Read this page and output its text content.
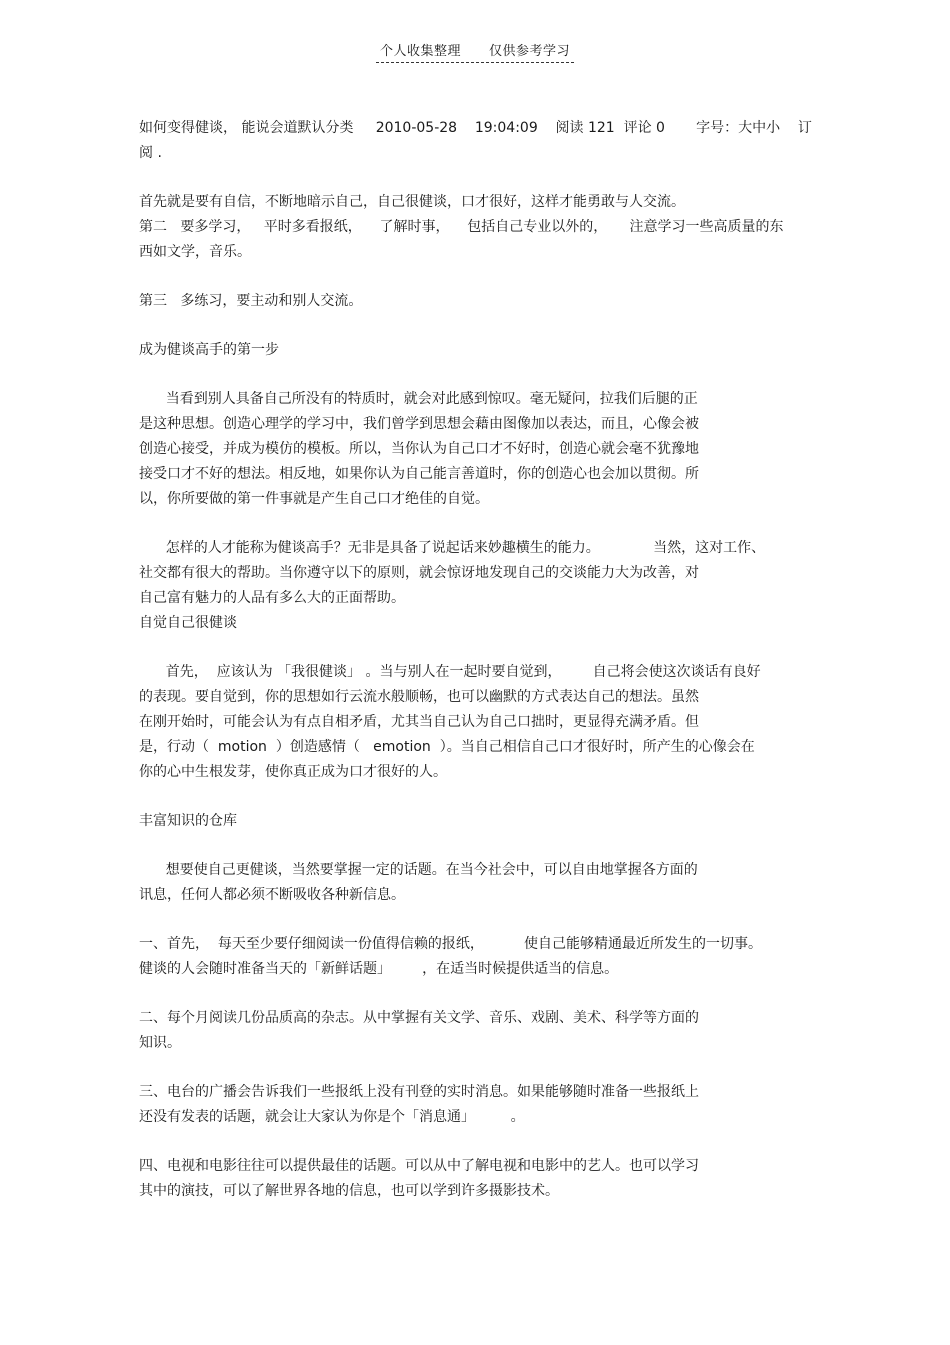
个人收集整理 仅供参考学习
如何变得健谈， 能说会道默认分类     2010-05-28    19:04:09    阅读 121  评论 0       字号：大中小    订
阅 .
首先就是要有自信，不断地暗示自己，自己很健谈，口才很好，这样才能勇敢与人交流。
第二   要多学习，   平时多看报纸，    了解时事，    包括自己专业以外的，     注意学习一些高质量的东
西如文学，音乐。
第三   多练习，要主动和别人交流。
成为健谈高手的第一步
当看到别人具备自己所没有的特质时，就会对此感到惊叹。毫无疑问，拉我们后腿的正
是这种思想。创造心理学的学习中，我们曾学到思想会藉由图像加以表达，而且，心像会被
创造心接受，并成为模仿的模板。所以，当你认为自己口才不好时，创造心就会毫不犹豫地
接受口才不好的想法。相反地，如果你认为自己能言善道时，你的创造心也会加以贯彻。所
以，你所要做的第一件事就是产生自己口才绝佳的自觉。
怎样的人才能称为健谈高手？无非是具备了说起话来妙趣横生的能力。            当然，这对工作、
社交都有很大的帮助。当你遵守以下的原则，就会惊讶地发现自己的交谈能力大为改善，对
自己富有魅力的人品有多么大的正面帮助。
自觉自己很健谈
首先，  应该认为 「我很健谈」 。当与别人在一起时要自觉到，       自己将会使这次谈话有良好
的表现。要自觉到，你的思想如行云流水般顺畅，也可以幽默的方式表达自己的想法。虽然
在刚开始时，可能会认为有点自相矛盾，尤其当自己认为自己口拙时，更显得充满矛盾。但
是，行动（  motion  ）创造感情（   emotion  ）。当自己相信自己口才很好时，所产生的心像会在
你的心中生根发芽，使你真正成为口才很好的人。
丰富知识的仓库
想要使自己更健谈，当然要掌握一定的话题。在当今社会中，可以自由地掌握各方面的
讯息，任何人都必须不断吸收各种新信息。
一、首先，  每天至少要仔细阅读一份值得信赖的报纸，         使自己能够精通最近所发生的一切事。
健谈的人会随时准备当天的「新鲜话题」       ，在适当时候提供适当的信息。
二、每个月阅读几份品质高的杂志。从中掌握有关文学、音乐、戏剧、美术、科学等方面的
知识。
三、电台的广播会告诉我们一些报纸上没有刊登的实时消息。如果能够随时准备一些报纸上
还没有发表的话题，就会让大家认为你是个「消息通」        。
四、电视和电影往往可以提供最佳的话题。可以从中了解电视和电影中的艺人。也可以学习
其中的演技，可以了解世界各地的信息，也可以学到许多摄影技术。
